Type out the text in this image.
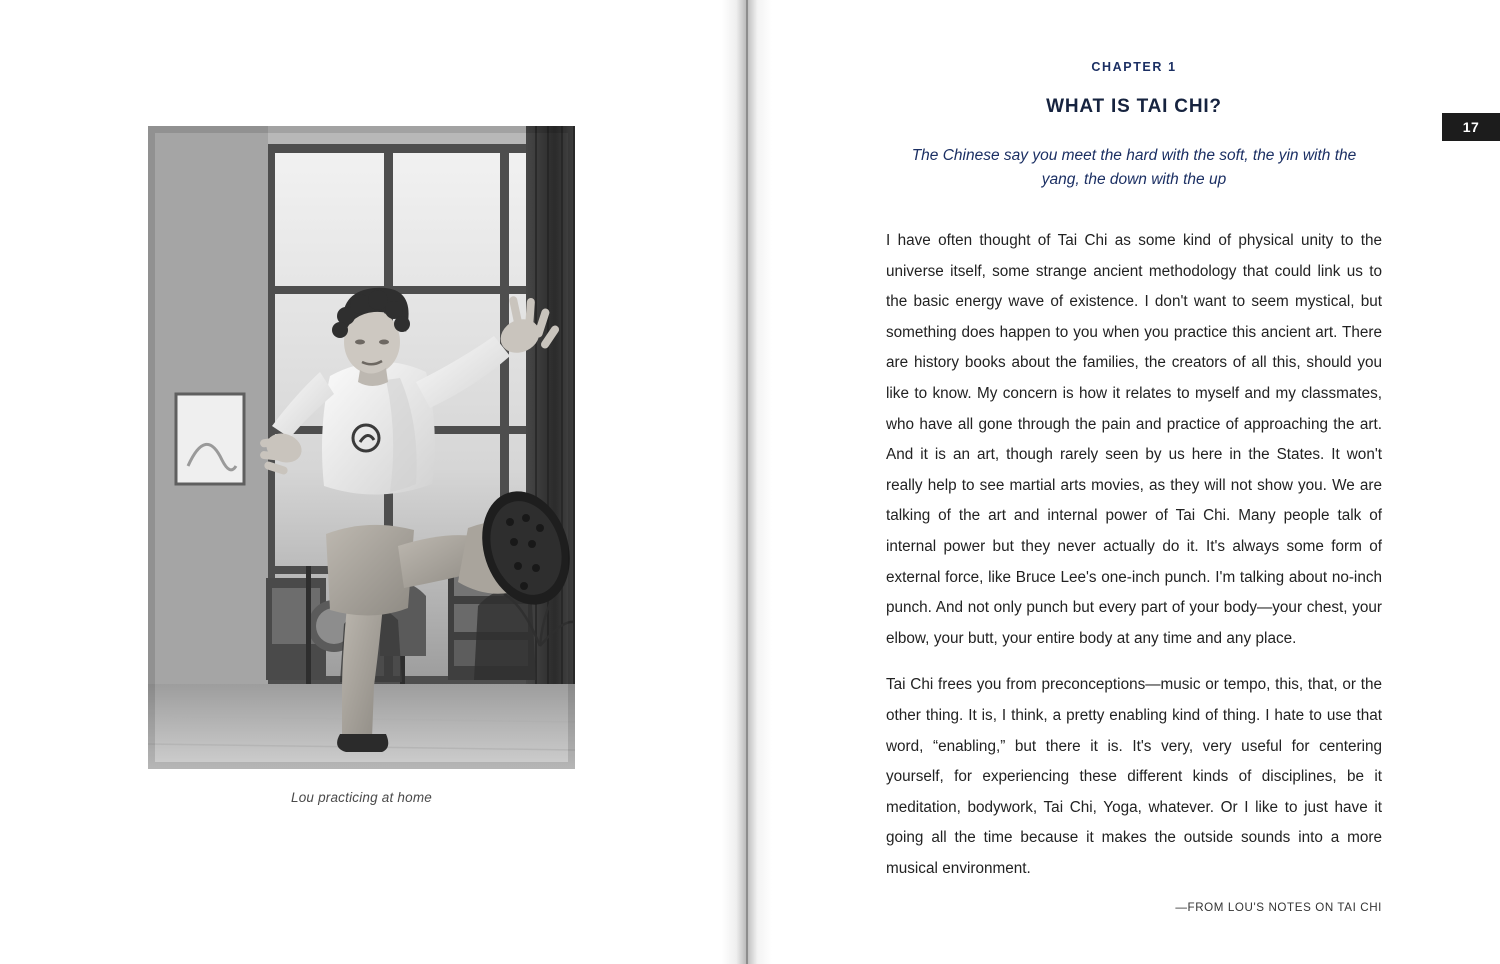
Lou practicing at home
17
CHAPTER 1
WHAT IS TAI CHI?
The Chinese say you meet the hard with the soft, the yin with the yang, the down with the up

I have often thought of Tai Chi as some kind of physical unity to the universe itself, some strange ancient methodology that could link us to the basic energy wave of existence. I don't want to seem mystical, but something does happen to you when you practice this ancient art. There are history books about the families, the creators of all this, should you like to know. My concern is how it relates to myself and my classmates, who have all gone through the pain and practice of approaching the art. And it is an art, though rarely seen by us here in the States. It won't really help to see martial arts movies, as they will not show you. We are talking of the art and internal power of Tai Chi. Many people talk of internal power but they never actually do it. It's always some form of external force, like Bruce Lee's one-inch punch. I'm talking about no-inch punch. And not only punch but every part of your body—your chest, your elbow, your butt, your entire body at any time and any place.

Tai Chi frees you from preconceptions—music or tempo, this, that, or the other thing. It is, I think, a pretty enabling kind of thing. I hate to use that word, “enabling,” but there it is. It's very, very useful for centering yourself, for experiencing these different kinds of disciplines, be it meditation, bodywork, Tai Chi, Yoga, whatever. Or I like to just have it going all the time because it makes the outside sounds into a more musical environment.

—FROM LOU'S NOTES ON TAI CHI
